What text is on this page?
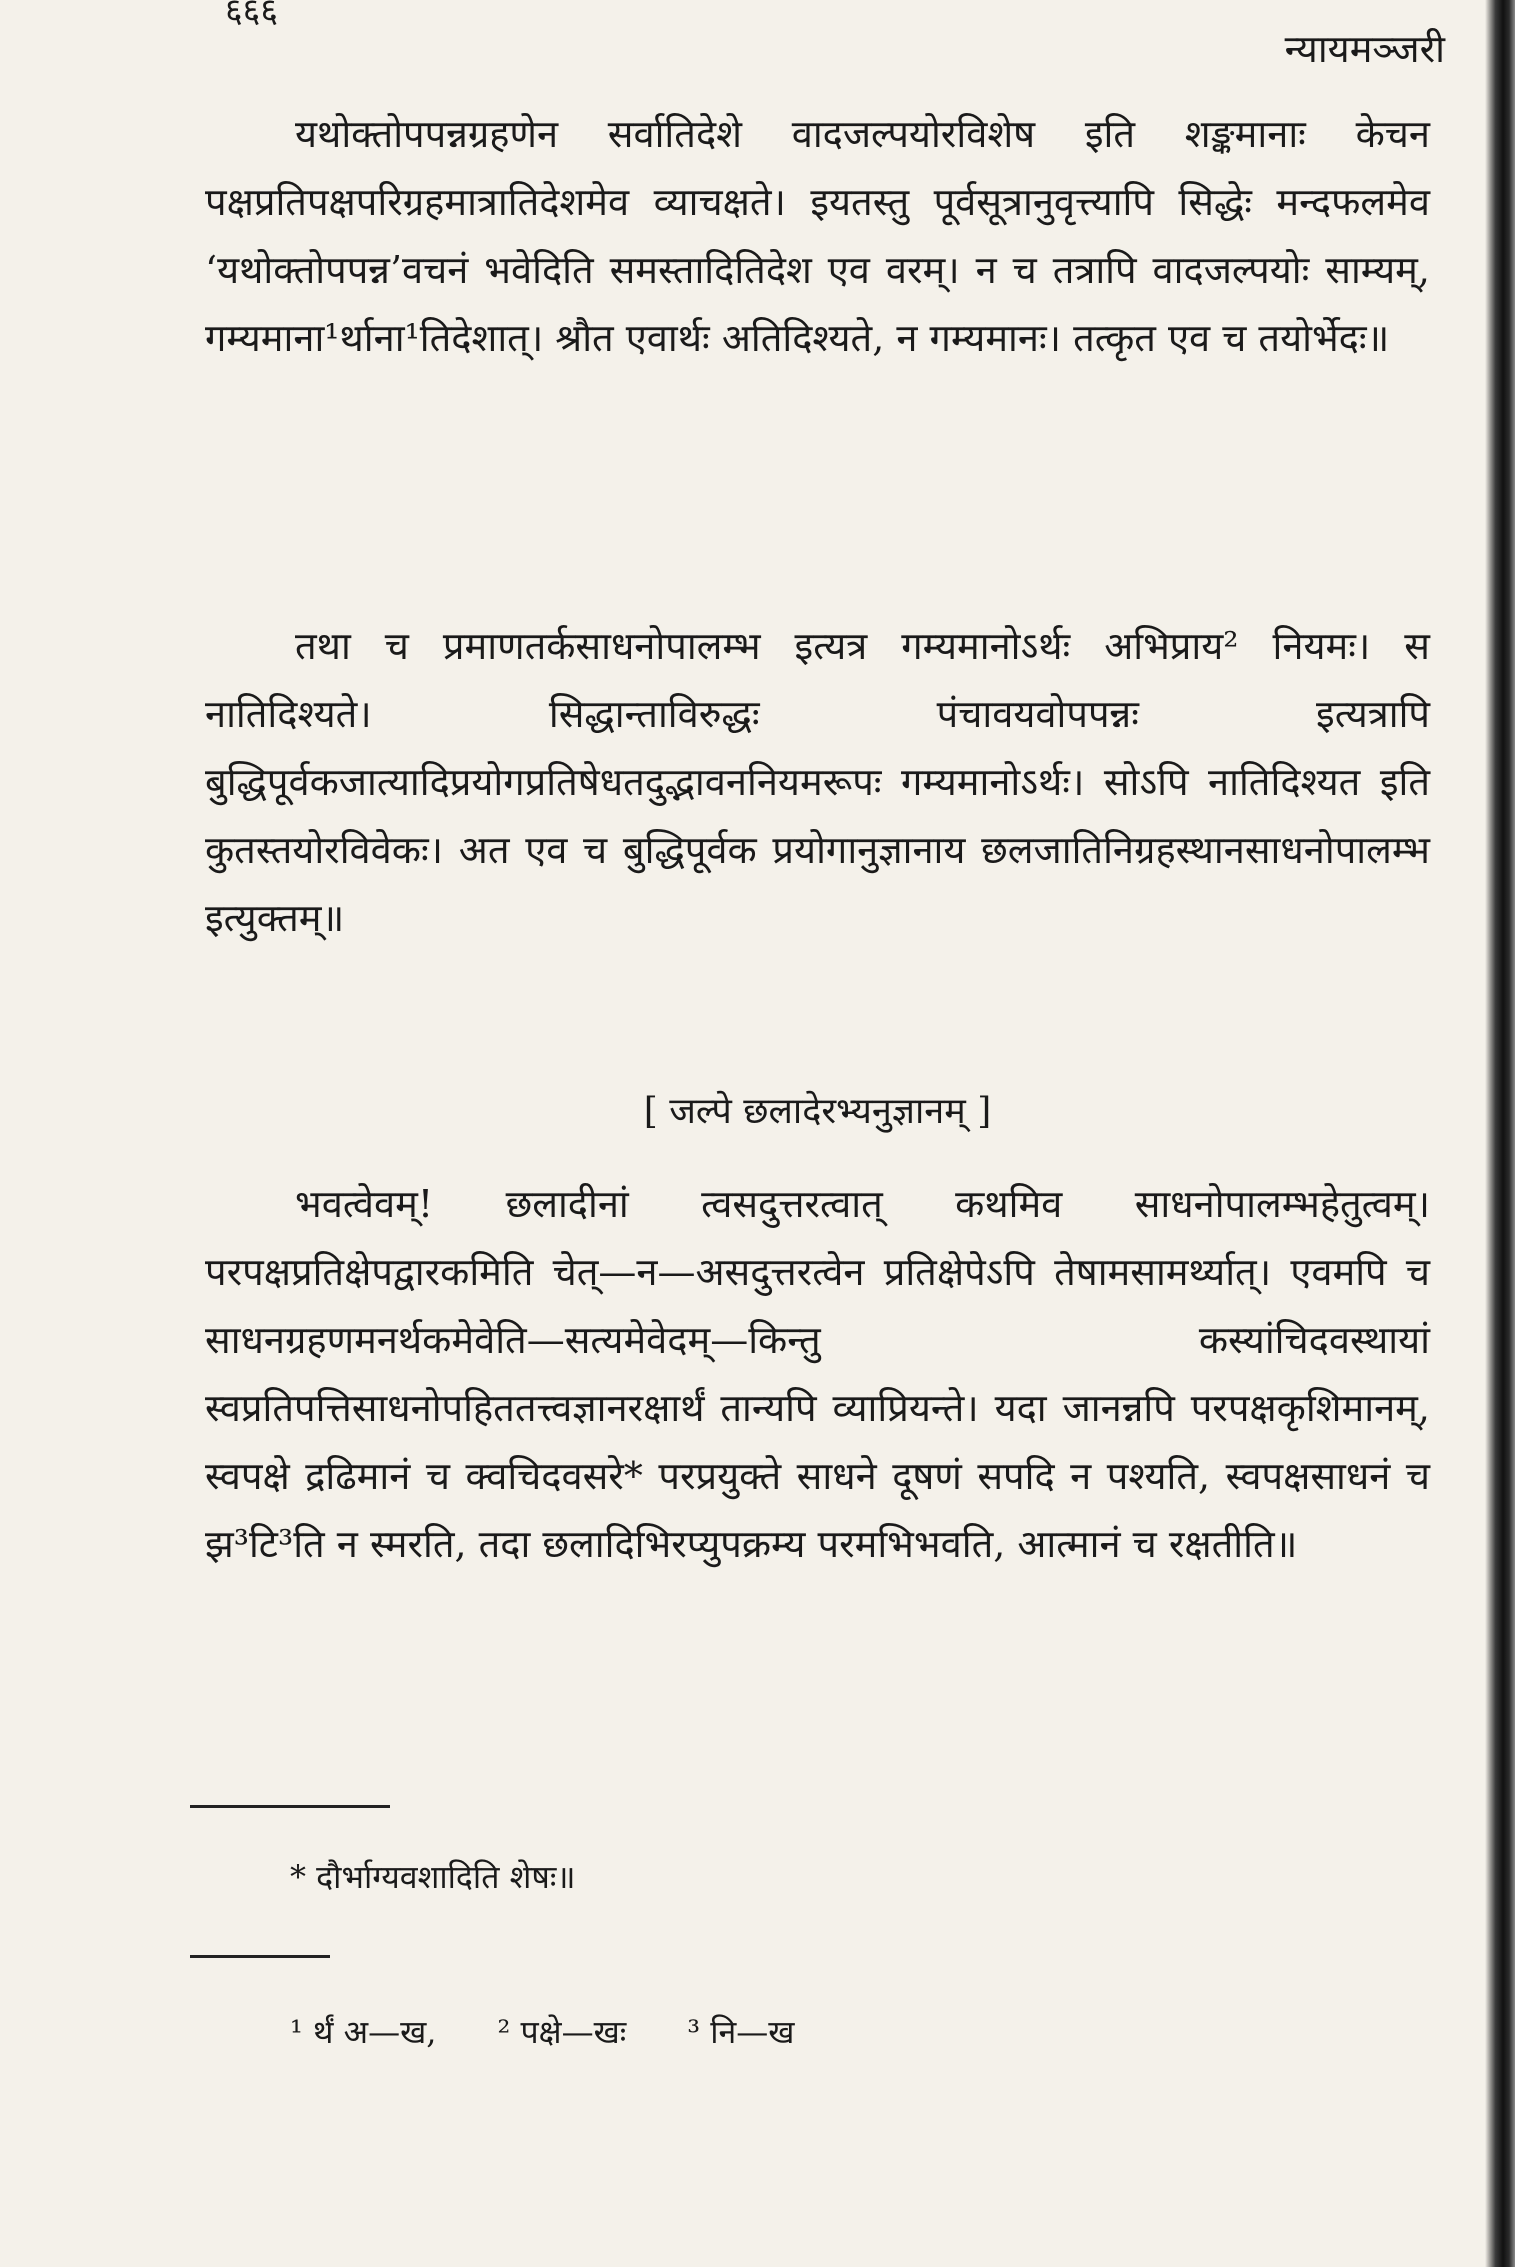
६६६
न्यायमञ्जरी

यथोक्तोपपन्नग्रहणेन सर्वातिदेशे वादजल्पयोरविशेष इति शङ्कमानाः केचन पक्षप्रतिपक्षपरिग्रहमात्रातिदेशमेव व्याचक्षते। इयतस्तु पूर्वसूत्रानुवृत्त्यापि सिद्धेः मन्दफलमेव ‘यथोक्तोपपन्न’वचनं भवेदिति समस्तादितिदेश एव वरम्। न च तत्रापि वादजल्पयोः साम्यम्, गम्यमाना¹र्थाना¹तिदेशात्। श्रौत एवार्थः अतिदिश्यते, न गम्यमानः। तत्कृत एव च तयोर्भेदः॥

तथा च प्रमाणतर्कसाधनोपालम्भ इत्यत्र गम्यमानोऽर्थः अभिप्राय² नियमः। स नातिदिश्यते। सिद्धान्ताविरुद्धः पंचावयवोपपन्नः इत्यत्रापि बुद्धिपूर्वकजात्यादिप्रयोगप्रतिषेधतदुद्भावननियमरूपः गम्यमानोऽर्थः। सोऽपि नातिदिश्यत इति कुतस्तयोरविवेकः। अत एव च बुद्धिपूर्वक प्रयोगानुज्ञानाय छलजातिनिग्रहस्थानसाधनोपालम्भ इत्युक्तम्॥

[ जल्पे छलादेरभ्यनुज्ञानम् ]

भवत्वेवम्! छलादीनां त्वसदुत्तरत्वात् कथमिव साधनोपालम्भहेतुत्वम्। परपक्षप्रतिक्षेपद्वारकमिति चेत्—न—असदुत्तरत्वेन प्रतिक्षेपेऽपि तेषामसामर्थ्यात्। एवमपि च साधनग्रहणमनर्थकमेवेति—सत्यमेवेदम्—किन्तु कस्यांचिदवस्थायां स्वप्रतिपत्तिसाधनोपहिततत्त्वज्ञानरक्षार्थं तान्यपि व्याप्रियन्ते। यदा जानन्नपि परपक्षकृशिमानम्, स्वपक्षे द्रढिमानं च क्वचिदवसरे* परप्रयुक्ते साधने दूषणं सपदि न पश्यति, स्वपक्षसाधनं च झ³टि³ति न स्मरति, तदा छलादिभिरप्युपक्रम्य परमभिभवति, आत्मानं च रक्षतीति॥

* दौर्भाग्यवशादिति शेषः॥
¹ र्थं अ—ख,      ² पक्षे—खः      ³ नि—ख
